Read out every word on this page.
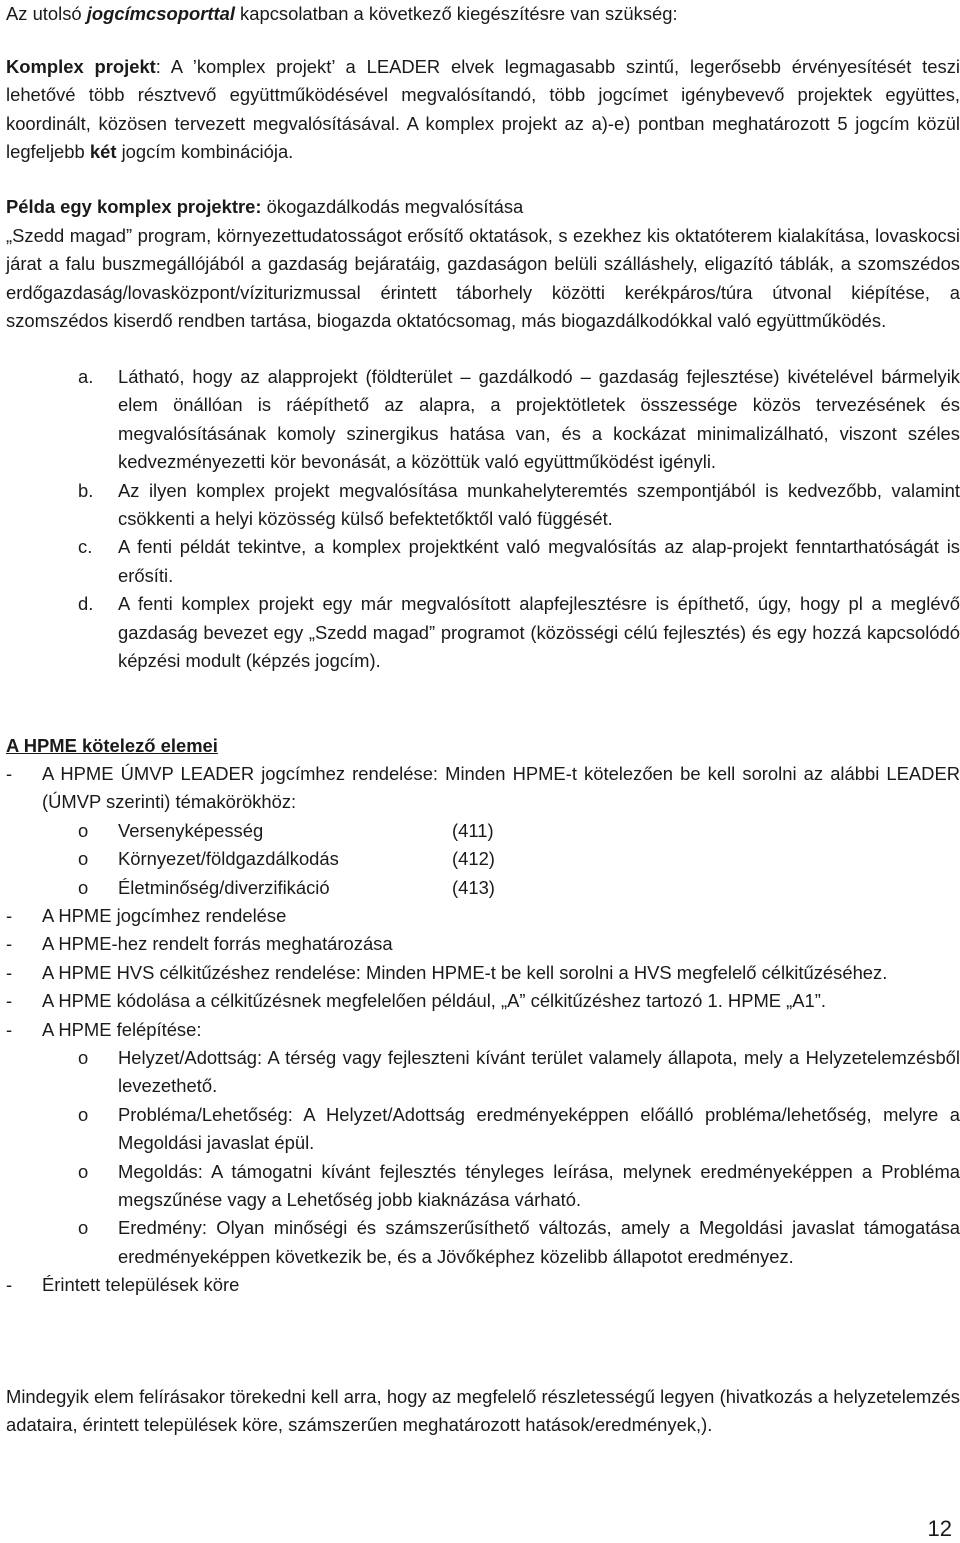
Az utolsó jogcímcsoporttal kapcsolatban a következő kiegészítésre van szükség:

Komplex projekt: A ’komplex projekt’ a LEADER elvek legmagasabb szintű, legerősebb érvényesítését teszi lehetővé több résztvevő együttműködésével megvalósítandó, több jogcímet igénybevevő projektek együttes, koordinált, közösen tervezett megvalósításával. A komplex projekt az a)-e) pontban meghatározott 5 jogcím közül legfeljebb két jogcím kombinációja.

Példa egy komplex projektre: ökogazdálkodás megvalósítása

„Szedd magad” program, környezettudatosságot erősítő oktatások, s ezekhez kis oktatóterem kialakítása, lovaskocsi járat a falu buszmegállójából a gazdaság bejáratáig, gazdaságon belüli szálláshely, eligazító táblák, a szomszédos erdőgazdaság/lovasközpont/víziturizmussal érintett táborhely közötti kerékpáros/túra útvonal kiépítése, a szomszédos kiserdő rendben tartása, biogazda oktatócsomag, más biogazdálkodókkal való együttműködés.

a. Látható, hogy az alapprojekt (földterület – gazdálkodó – gazdaság fejlesztése) kivételével bármelyik elem önállóan is ráépíthető az alapra, a projektötletek összessége közös tervezésének és megvalósításának komoly szinergikus hatása van, és a kockázat minimalizálható, viszont széles kedvezményezetti kör bevonását, a közöttük való együttműködést igényli.
b. Az ilyen komplex projekt megvalósítása munkahelyteremtés szempontjából is kedvezőbb, valamint csökkenti a helyi közösség külső befektetőktől való függését.
c. A fenti példát tekintve, a komplex projektként való megvalósítás az alap-projekt fenntarthatóságát is erősíti.
d. A fenti komplex projekt egy már megvalósított alapfejlesztésre is építhető, úgy, hogy pl a meglévő gazdaság bevezet egy „Szedd magad” programot (közösségi célú fejlesztés) és egy hozzá kapcsolódó képzési modult (képzés jogcím).

A HPME kötelező elemei

- A HPME ÚMVP LEADER jogcímhez rendelése: Minden HPME-t kötelezően be kell sorolni az alábbi LEADER (ÚMVP szerinti) témakörökhöz:
o Versenyképesség	(411)
o Környezet/földgazdálkodás	(412)
o Életminőség/diverzifikáció	(413)
- A HPME jogcímhez rendelése
- A HPME-hez rendelt forrás meghatározása
- A HPME HVS célkitűzéshez rendelése: Minden HPME-t be kell sorolni a HVS megfelelő célkitűzéséhez.
- A HPME kódolása a célkitűzésnek megfelelően például, „A” célkitűzéshez tartozó 1. HPME „A1”.
- A HPME felépítése:
o Helyzet/Adottság: A térség vagy fejleszteni kívánt terület valamely állapota, mely a Helyzetelemzésből levezethető.
o Probléma/Lehetőség: A Helyzet/Adottság eredményeképpen előálló probléma/lehetőség, melyre a Megoldási javaslat épül.
o Megoldás: A támogatni kívánt fejlesztés tényleges leírása, melynek eredményeképpen a Probléma megszűnése vagy a Lehetőség jobb kiaknázása várható.
o Eredmény: Olyan minőségi és számszerűsíthető változás, amely a Megoldási javaslat támogatása eredményeképpen következik be, és a Jövőképhez közelibb állapotot eredményez.
- Érintett települések köre

Mindegyik elem felírásakor törekedni kell arra, hogy az megfelelő részletességű legyen (hivatkozás a helyzetelemzés adataira, érintett települések köre, számszerűen meghatározott hatások/eredmények,).

12
